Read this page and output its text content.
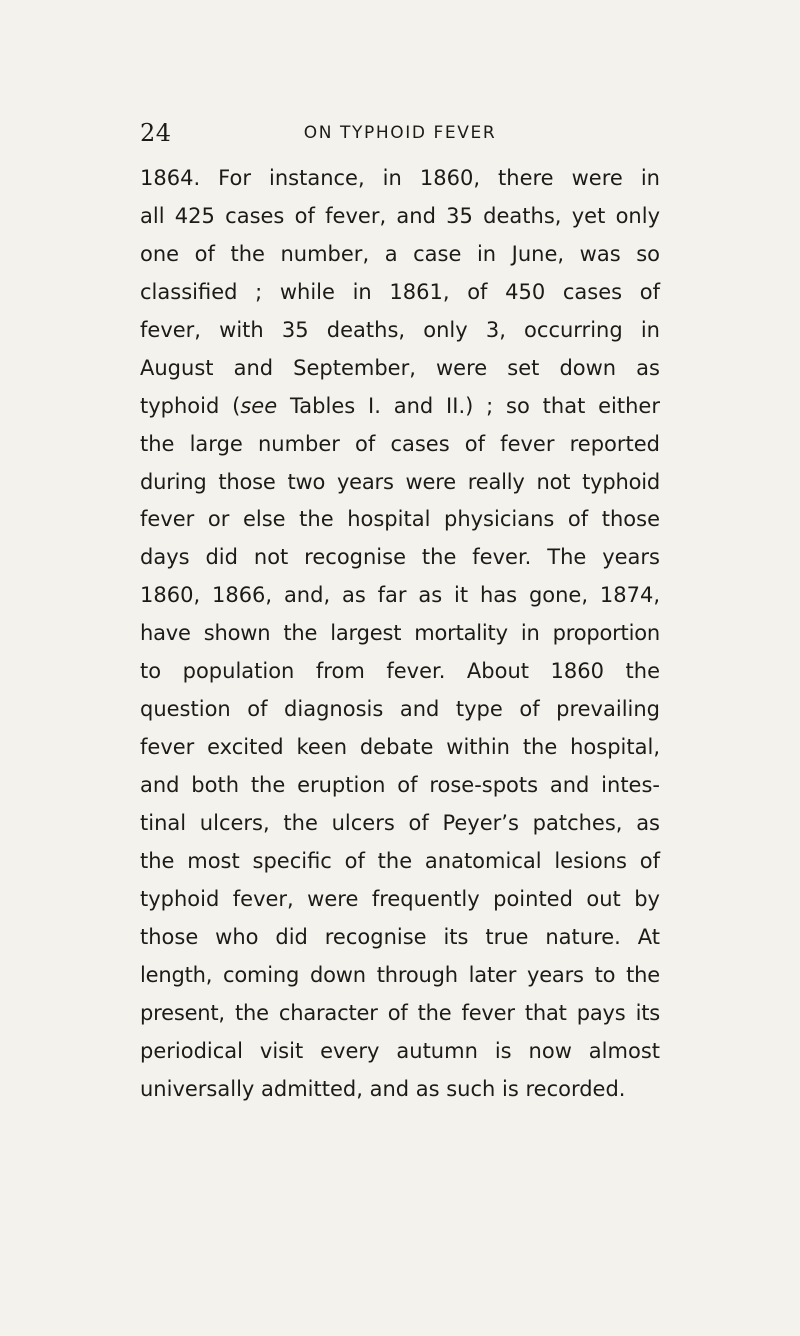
24	ON TYPHOID FEVER
1864. For instance, in 1860, there were in
all 425 cases of fever, and 35 deaths, yet only
one of the number, a case in June, was so
classified ; while in 1861, of 450 cases of
fever, with 35 deaths, only 3, occurring in
August and September, were set down as
typhoid (see Tables I. and II.) ; so that either
the large number of cases of fever reported
during those two years were really not typhoid
fever or else the hospital physicians of those
days did not recognise the fever. The years
1860, 1866, and, as far as it has gone, 1874,
have shown the largest mortality in proportion
to population from fever. About 1860 the
question of diagnosis and type of prevailing
fever excited keen debate within the hospital,
and both the eruption of rose-spots and intes-
tinal ulcers, the ulcers of Peyer’s patches, as
the most specific of the anatomical lesions of
typhoid fever, were frequently pointed out by
those who did recognise its true nature. At
length, coming down through later years to the
present, the character of the fever that pays its
periodical visit every autumn is now almost
universally admitted, and as such is recorded.
